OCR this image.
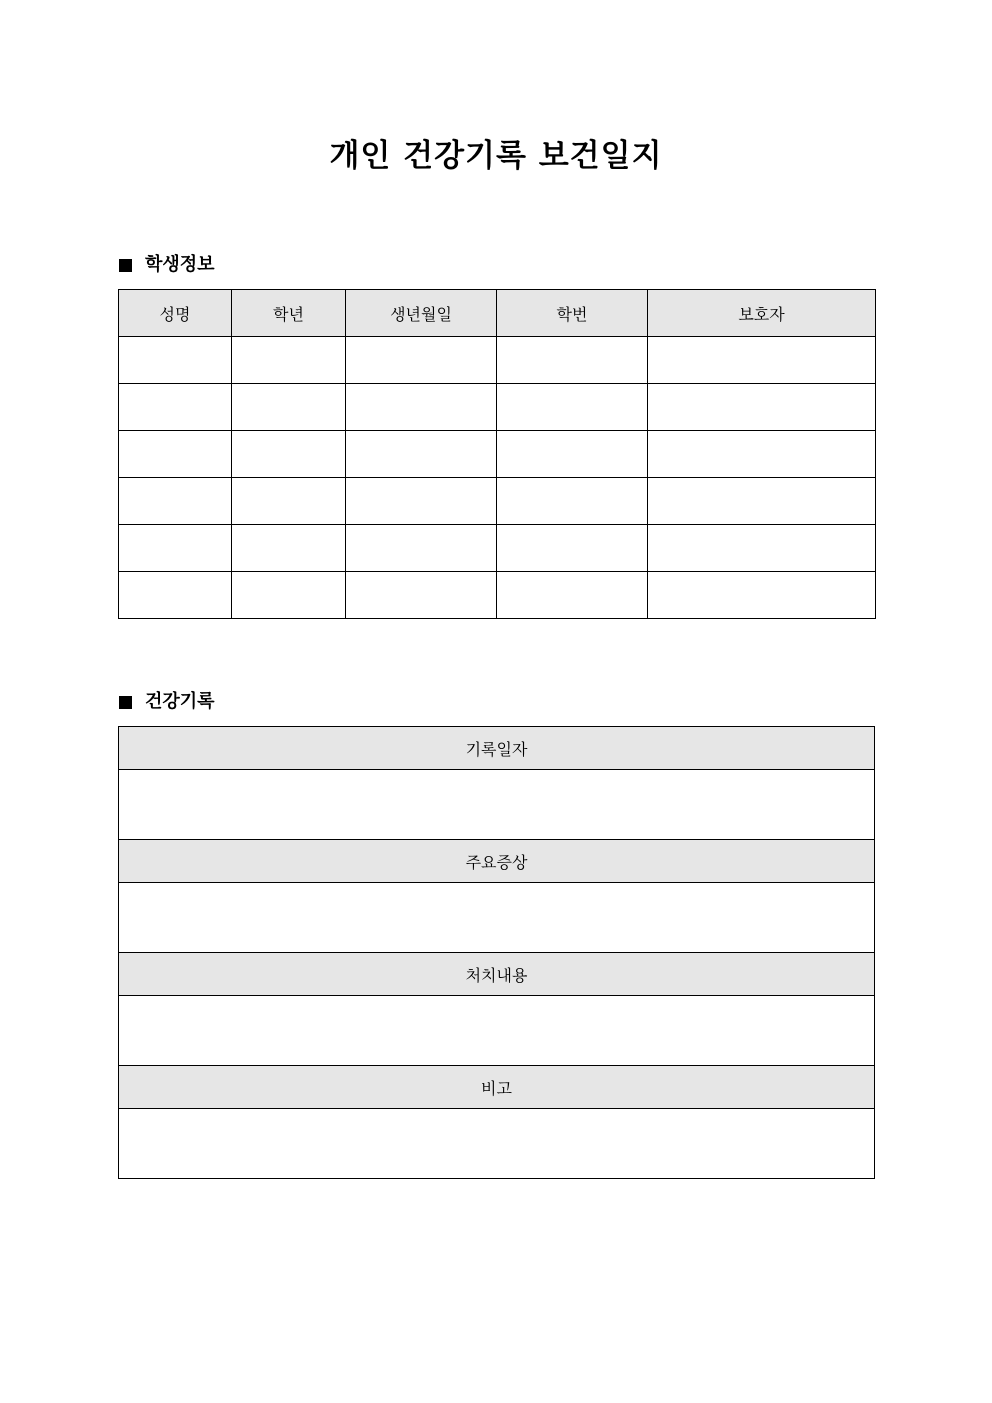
개인 건강기록 보건일지
학생정보
성명	학년	생년월일	학번	보호자

건강기록
기록일자

주요증상

처치내용

비고
